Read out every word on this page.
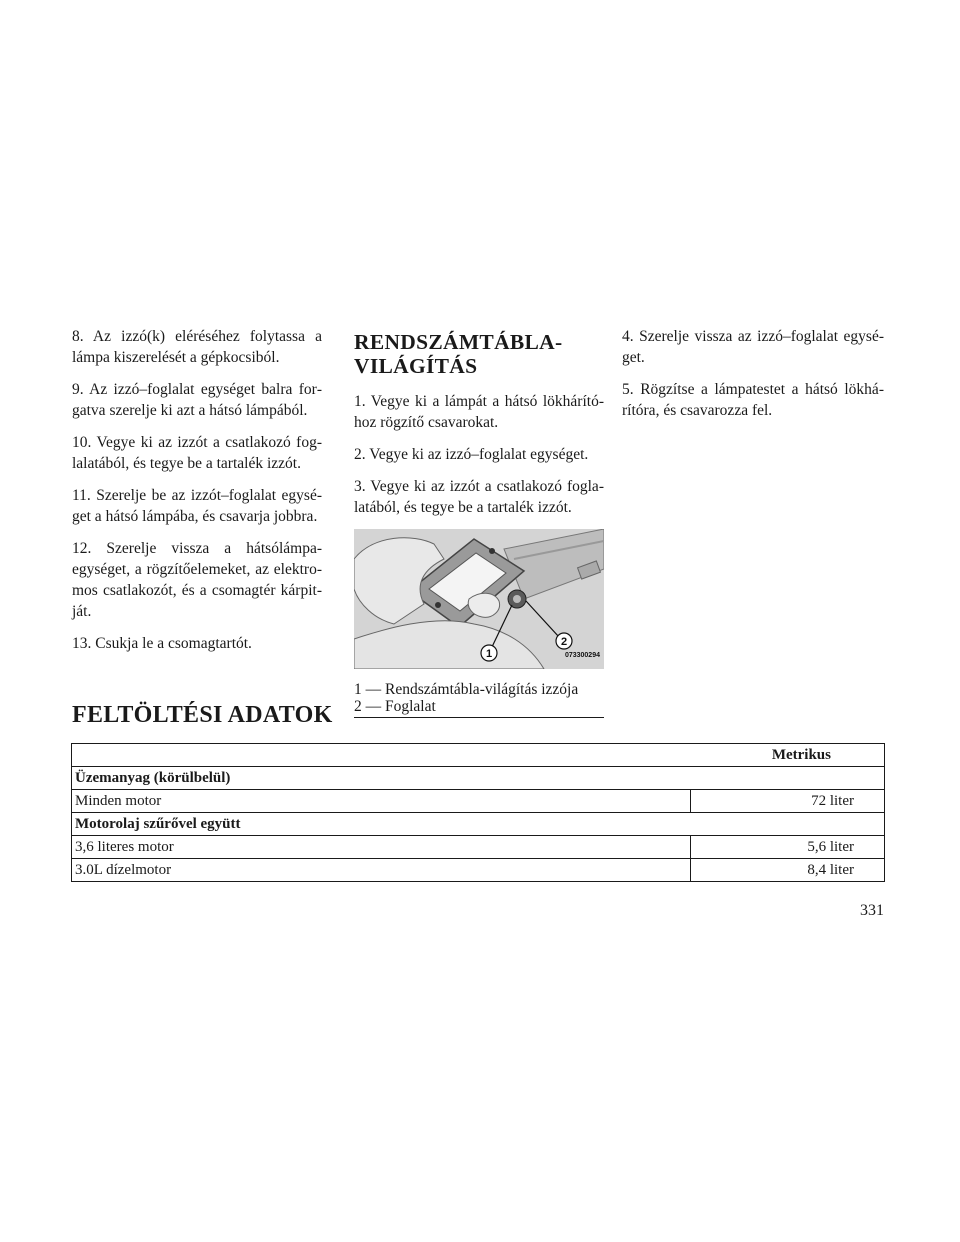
8. Az izzó(k) eléréséhez folytassa a lámpa kiszerelését a gépkocsiból.

9. Az izzó–foglalat egységet balra forgatva szerelje ki azt a hátsó lámpából.

10. Vegye ki az izzót a csatlakozó foglalatából, és tegye be a tartalék izzót.

11. Szerelje be az izzót–foglalat egységet a hátsó lámpába, és csavarja jobbra.

12. Szerelje vissza a hátsólámpa-egységet, a rögzítőelemeket, az elektromos csatlakozót, és a csomagtér kárpitját.

13. Csukja le a csomagtartót.

RENDSZÁMTÁBLA-
VILÁGÍTÁS

1. Vegye ki a lámpát a hátsó lökhárítóhoz rögzítő csavarokat.

2. Vegye ki az izzó–foglalat egységet.

3. Vegye ki az izzót a csatlakozó foglalatából, és tegye be a tartalék izzót.

1
2
073300294
1 — Rendszámtábla-világítás izzója
2 — Foglalat

4. Szerelje vissza az izzó–foglalat egységet.

5. Rögzítse a lámpatestet a hátsó lökhárítóra, és csavarozza fel.

FELTÖLTÉSI ADATOK
Metrikus	
Üzemanyag (körülbelül)	
Minden motor	72 liter
Motorolaj szűrővel együtt	
3,6 literes motor	5,6 liter
3.0L dízelmotor	8,4 liter
331
